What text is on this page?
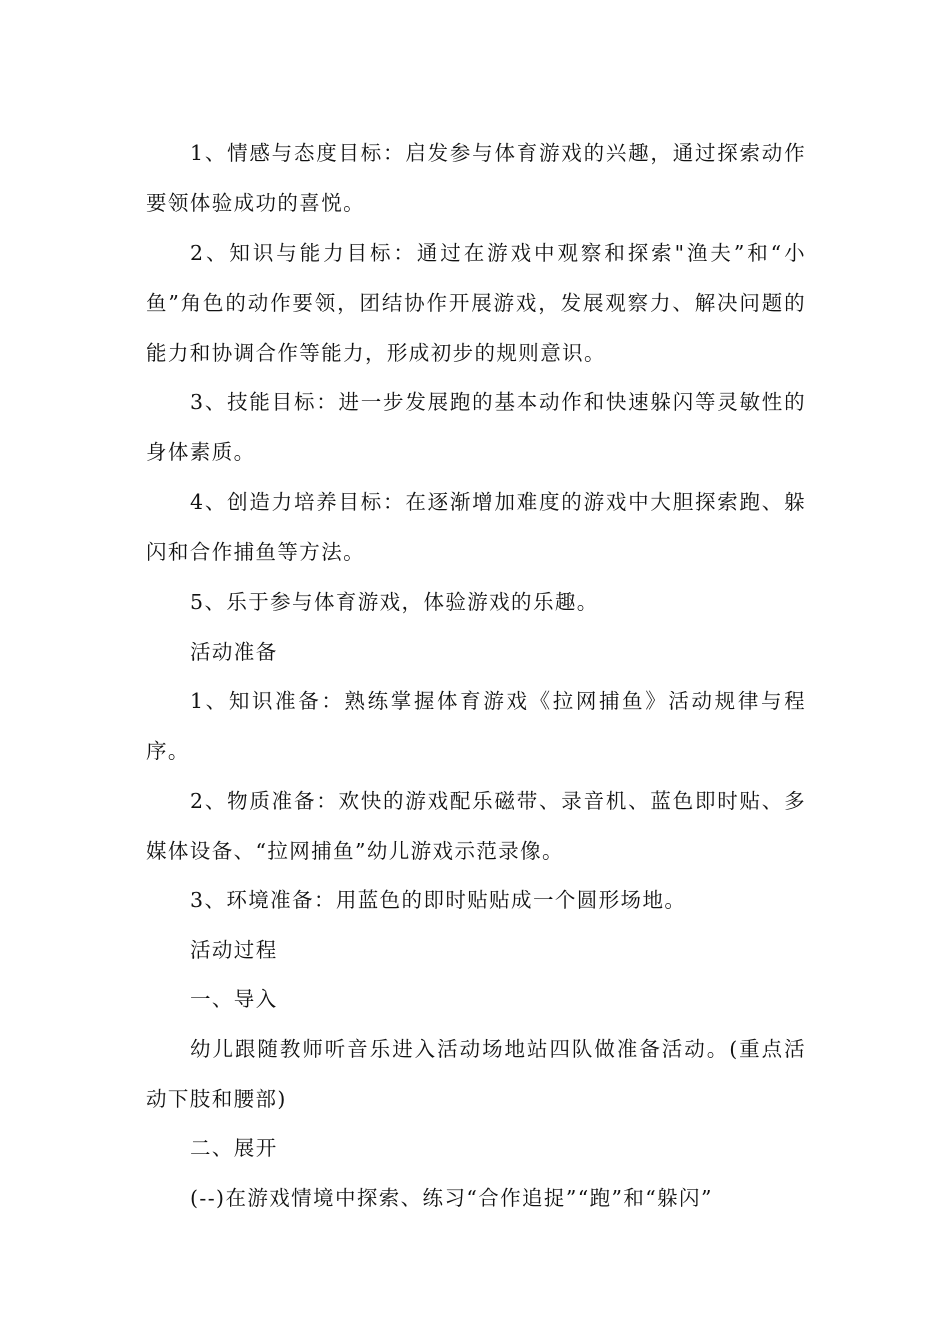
1、情感与态度目标：启发参与体育游戏的兴趣，通过探索动作要领体验成功的喜悦。

2、知识与能力目标：通过在游戏中观察和探索"渔夫”和“小鱼”角色的动作要领，团结协作开展游戏，发展观察力、解决问题的能力和协调合作等能力，形成初步的规则意识。

3、技能目标：进一步发展跑的基本动作和快速躲闪等灵敏性的身体素质。

4、创造力培养目标：在逐渐增加难度的游戏中大胆探索跑、躲闪和合作捕鱼等方法。

5、乐于参与体育游戏，体验游戏的乐趣。

活动准备

1、知识准备：熟练掌握体育游戏《拉网捕鱼》活动规律与程序。

2、物质准备：欢快的游戏配乐磁带、录音机、蓝色即时贴、多媒体设备、“拉网捕鱼”幼儿游戏示范录像。

3、环境准备：用蓝色的即时贴贴成一个圆形场地。

活动过程

一、导入

幼儿跟随教师听音乐进入活动场地站四队做准备活动。(重点活动下肢和腰部)

二、展开

(--)在游戏情境中探索、练习“合作追捉”“跑”和“躲闪”
